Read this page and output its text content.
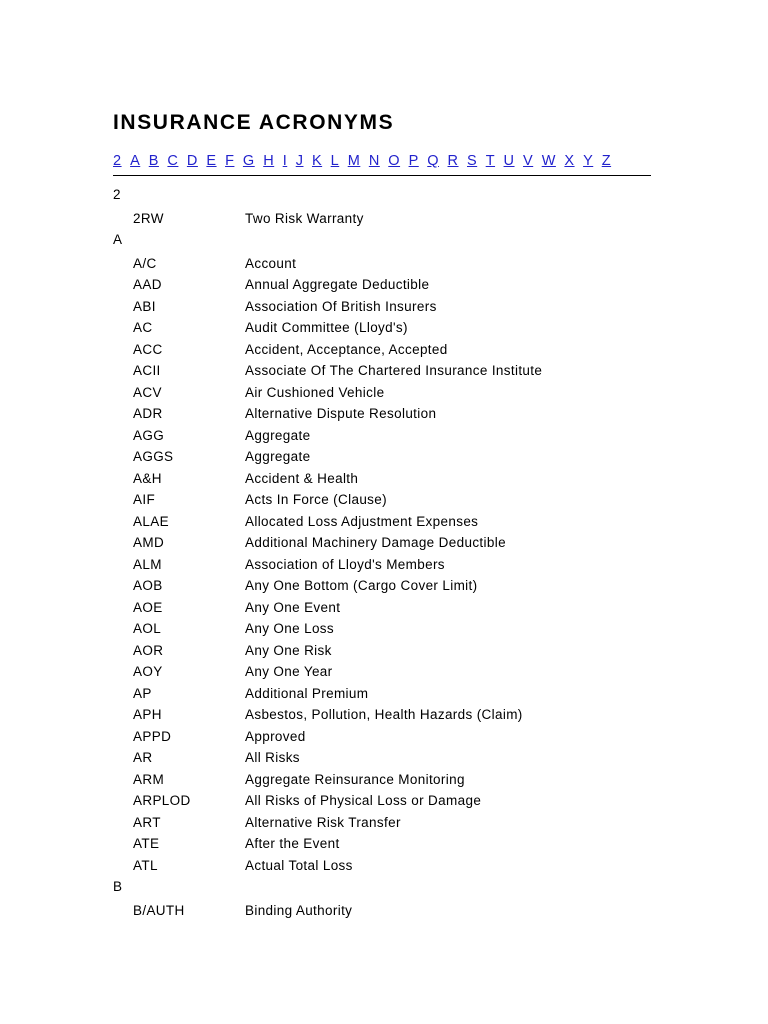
INSURANCE ACRONYMS
2 A B C D E F G H I J K L M N O P Q R S T U V W X Y Z
2
2RW	Two Risk Warranty
A
A/C	Account
AAD	Annual Aggregate Deductible
ABI	Association Of British Insurers
AC	Audit Committee (Lloyd's)
ACC	Accident, Acceptance, Accepted
ACII	Associate Of The Chartered Insurance Institute
ACV	Air Cushioned Vehicle
ADR	Alternative Dispute Resolution
AGG	Aggregate
AGGS	Aggregate
A&H	Accident & Health
AIF	Acts In Force (Clause)
ALAE	Allocated Loss Adjustment Expenses
AMD	Additional Machinery Damage Deductible
ALM	Association of Lloyd's Members
AOB	Any One Bottom (Cargo Cover Limit)
AOE	Any One Event
AOL	Any One Loss
AOR	Any One Risk
AOY	Any One Year
AP	Additional Premium
APH	Asbestos, Pollution, Health Hazards (Claim)
APPD	Approved
AR	All Risks
ARM	Aggregate Reinsurance Monitoring
ARPLOD	All Risks of Physical Loss or Damage
ART	Alternative Risk Transfer
ATE	After the Event
ATL	Actual Total Loss
B
B/AUTH	Binding Authority
